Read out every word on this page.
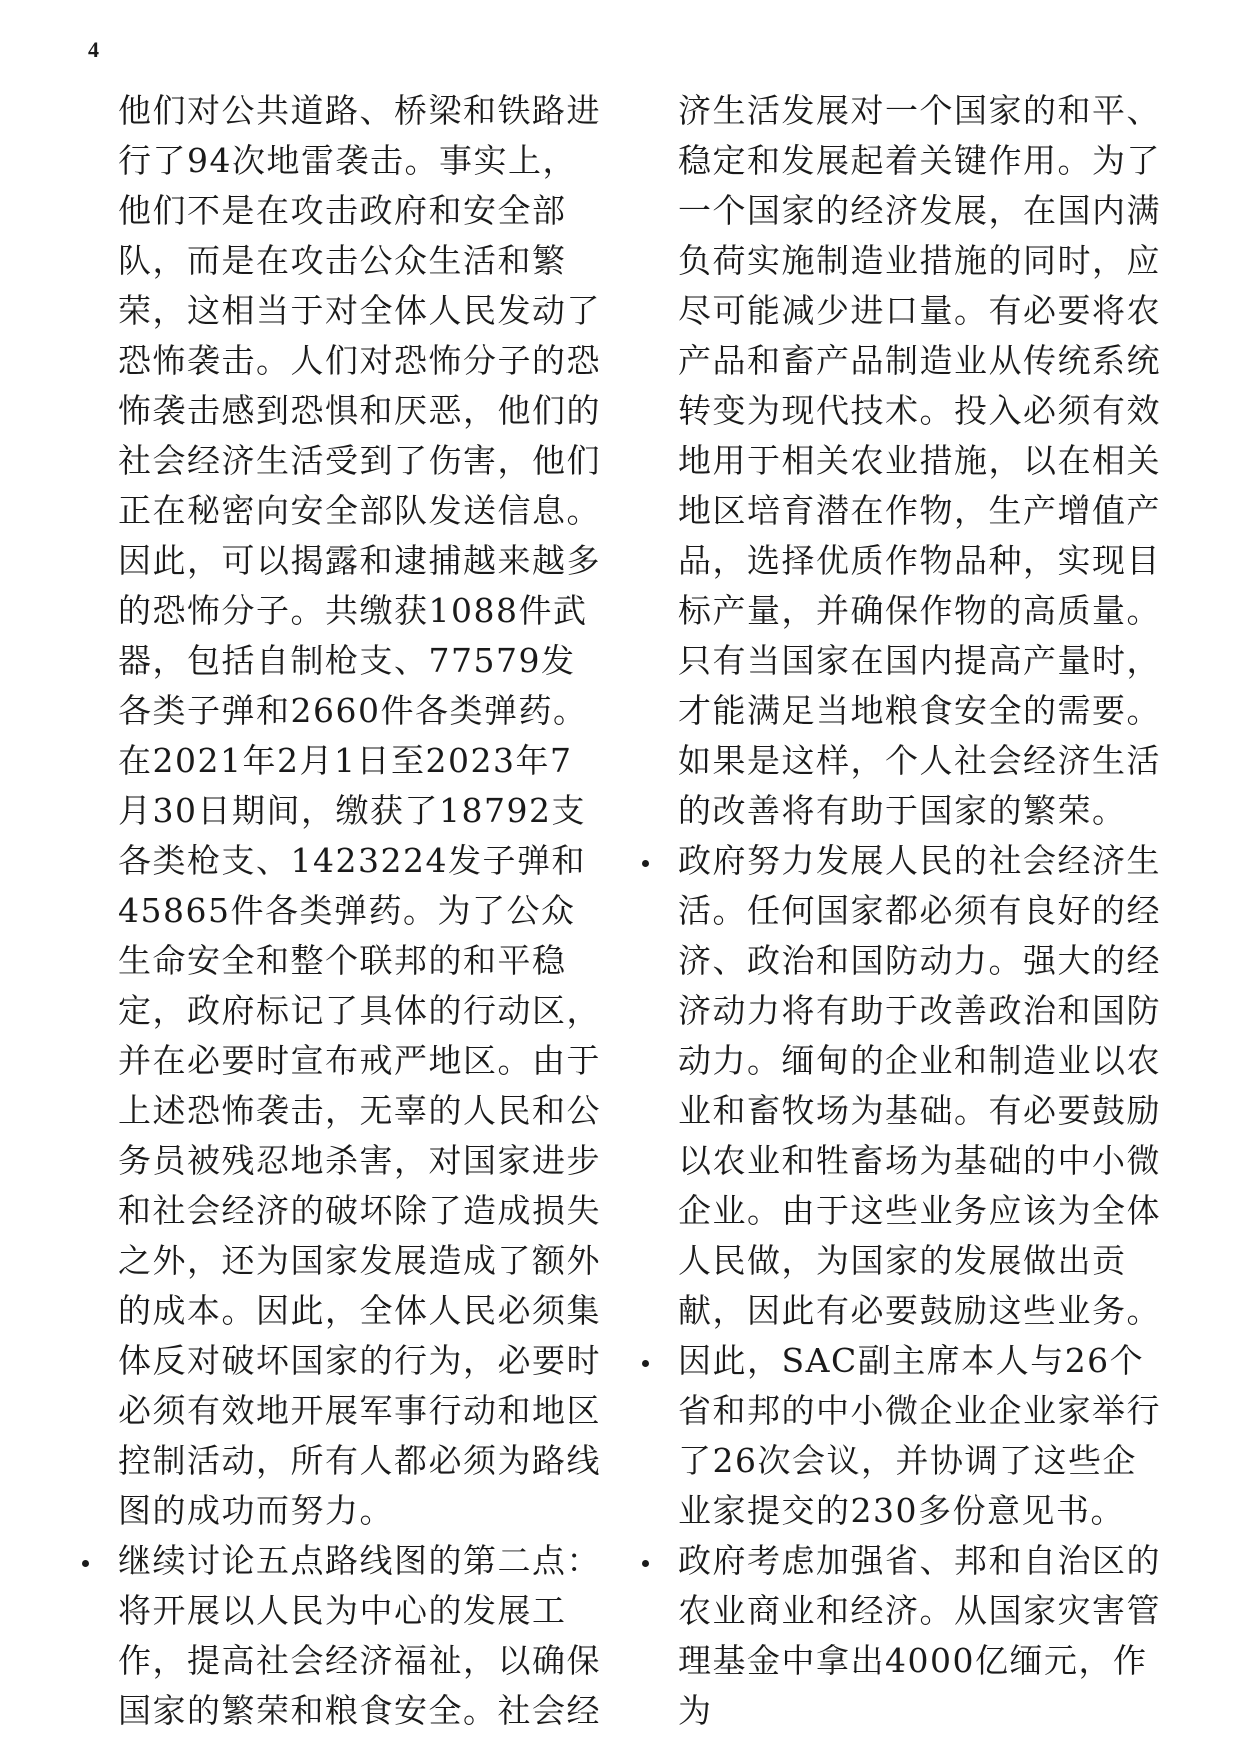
4

他们对公共道路、桥梁和铁路进行了94次地雷袭击。事实上，他们不是在攻击政府和安全部队，而是在攻击公众生活和繁荣，这相当于对全体人民发动了恐怖袭击。人们对恐怖分子的恐怖袭击感到恐惧和厌恶，他们的社会经济生活受到了伤害，他们正在秘密向安全部队发送信息。因此，可以揭露和逮捕越来越多的恐怖分子。共缴获1088件武器，包括自制枪支、77579发各类子弹和2660件各类弹药。在2021年2月1日至2023年7月30日期间，缴获了18792支各类枪支、1423224发子弹和45865件各类弹药。为了公众生命安全和整个联邦的和平稳定，政府标记了具体的行动区，并在必要时宣布戒严地区。由于上述恐怖袭击，无辜的人民和公务员被残忍地杀害，对国家进步和社会经济的破坏除了造成损失之外，还为国家发展造成了额外的成本。因此，全体人民必须集体反对破坏国家的行为，必要时必须有效地开展军事行动和地区控制活动，所有人都必须为路线图的成功而努力。

继续讨论五点路线图的第二点：将开展以人民为中心的发展工作，提高社会经济福祉，以确保国家的繁荣和粮食安全。社会经

济生活发展对一个国家的和平、稳定和发展起着关键作用。为了一个国家的经济发展，在国内满负荷实施制造业措施的同时，应尽可能减少进口量。有必要将农产品和畜产品制造业从传统系统转变为现代技术。投入必须有效地用于相关农业措施，以在相关地区培育潜在作物，生产增值产品，选择优质作物品种，实现目标产量，并确保作物的高质量。只有当国家在国内提高产量时，才能满足当地粮食安全的需要。如果是这样，个人社会经济生活的改善将有助于国家的繁荣。

政府努力发展人民的社会经济生活。任何国家都必须有良好的经济、政治和国防动力。强大的经济动力将有助于改善政治和国防动力。缅甸的企业和制造业以农业和畜牧场为基础。有必要鼓励以农业和牲畜场为基础的中小微企业。由于这些业务应该为全体人民做，为国家的发展做出贡献，因此有必要鼓励这些业务。

因此，SAC副主席本人与26个省和邦的中小微企业企业家举行了26次会议，并协调了这些企业家提交的230多份意见书。

政府考虑加强省、邦和自治区的农业商业和经济。从国家灾害管理基金中拿出4000亿缅元，作为
